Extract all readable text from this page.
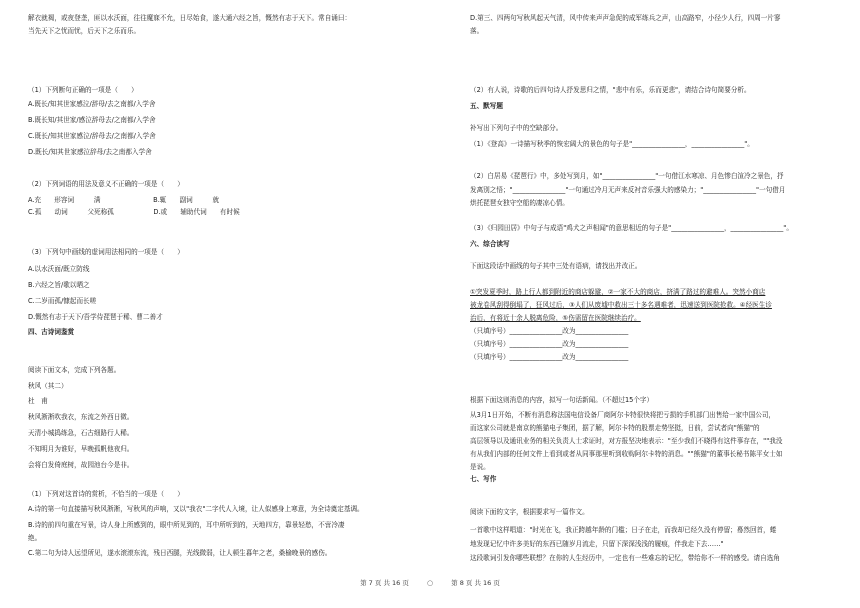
解衣就褐，或夜登垄，匪以水沃面，往往魔寐不允，日尽始食，遂大通六经之旨，慨然有志于天下。常自诵曰：
当先天下之忧而忧，后天下之乐而乐。
（1）下列断句正确的一项是（　　）
A.既长/知其世家感泣/辞母/去之南都/入学舍
B.既长知/其世家/感泣辞母去/之南都/入学舍
C.既长/知其世家感泣/辞母去/之南都/入学舍
D.既长/知其世家感泣辞母/去之南都入学舍
（2）下列词语的用法及意义不正确的一项是（　　）
A.充　　形容词　　　满　　　　　　　　B.辄　　副词　　　就
C.孤　　动词　　　父死称孤　　　　　　D.或　　辅助代词　　有时候
（3）下列句中画线的虚词用法相同的一项是（　　）
A.以水沃面/既立防线
B.六经之旨/歌以晒之
C.二岁而孤/慷起而长嗟
D.慨然有志于天下/吾学侍琵琶于稀、曹二善才
四、古诗词鉴赏
阅读下面文本，完成下列各题。
秋风（其二）
杜　甫
秋风淅淅吹我衣，东流之外西日微。
天清小城捣练急，石古细路行人稀。
不知明月为谁好，早晚孤帆他夜归。
会将白发倚庭树，故园池台今是非。
（1）下列对这首诗的赏析，不恰当的一项是（　　）
A.诗的第一句直接描写秋风淅淅，写秋风的声响，又以"我衣"二字代人入境，让人似感身上寒意，为全诗奠定基调。
B.诗的前四句重在写景，诗人身上所感到的，眼中所见到的，耳中所听到的，天地四方，靠景轻愁，不啻冷凄
绝。
C.第二句为诗人远望所见，遂水滚滚东流，残日西腿，光线微弱，让人顿生暮年之老，桑榆晚景的感伤。
D.第三、四两句写秋风起天气清，风中传来声声急促的成军练兵之声，山高路窄，小径少人行，四周一片寥
落。
（2）有人说，诗歌的后四句诗人抒发思归之情，"悲中有乐，乐而更悲"，请结合诗句简要分析。
五、默写题
补写出下列句子中的空缺部分。
（1）《登高》一诗描写秋季的恢宏阔大的景色的句子是"________________，________________"。
（2）白居易《琵琶行》中，多处写到月，如"________________"一句借江水寒凉、月色惨白渲冷之景色，抒
发离别之悟；"________________"一句通过冷月无声来反衬音乐强大的感染力；"________________"一句借月
烘托琵琶女独守空船的凄凉心情。
（3）《归园田居》中句子与成语"鸡犬之声相闻"的意思相近的句子是"________________，________________"。
六、综合读写
下面这段话中画线的句子其中三处有语病，请找出并改正。
①突发夏季时，路上行人都到附近的商店躲避，②一家不大的商店，挤满了路过的避难人。突然小商店
被龙卷风刮得倒塌了，狂风过后，③人们从废墟中救出三十多名遇难者，迅速送到医院抢救。④经医生诊
治后，有将近十余人脱离危险，⑤伤需留在医院继续治疗。
（只填序号）________________改为________________
（只填序号）________________改为________________
（只填序号）________________改为________________
根据下面这则消息的内容，拟写一句话新闻。（不超过15个字）
从3月1日开始，不断有消息称法国电信设备厂商阿尔卡特很快将把亏损的手机部门出售给一家中国公司，
而这家公司就是南京的熊猫电子集团，据了解，阿尔卡特的股票走势坚挺，日前，尝试者向"熊猫"的
高层领导以及通讯业务的相关负责人士求证时，对方报坚决地表示："至少我们不晓得有这件事存在，""我没
有从我们内部的任何文件上看到或者从同事那里听到收购阿尔卡特的消息。""熊猫"的董事长秘书陈平女士如
是说。
七、写作
阅读下面的文字，根据要求写一篇作文。
一首歌中这样唱道："时光在飞，我正跨越年龄的门槛；日子在走，而我却已经久没有停留；蓦然回首，蜷
地发现记忆中许多美好的东西已随岁月流走，只留下深深浅浅的履痕，伴我走下去……"
这段歌词引发你哪些联想？在你的人生经历中，一定也有一些难忘的记忆，带给你不一样的感受。请自选角
第 7 页 共 16 页	○	第 8 页 共 16 页
